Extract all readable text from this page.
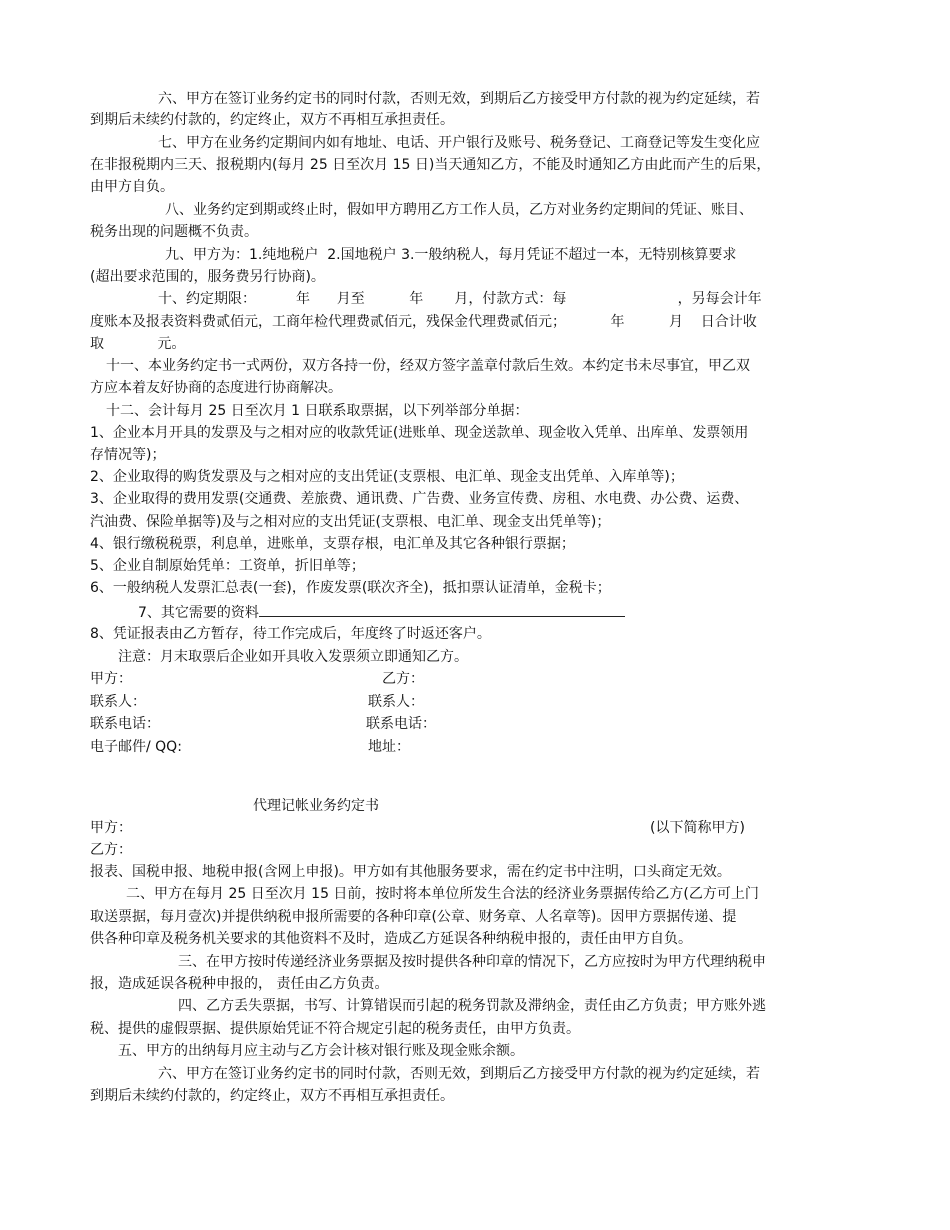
六、甲方在签订业务约定书的同时付款，否则无效，到期后乙方接受甲方付款的视为约定延续，若
到期后未续约付款的，约定终止，双方不再相互承担责任。
七、甲方在业务约定期间内如有地址、电话、开户银行及账号、税务登记、工商登记等发生变化应
在非报税期内三天、报税期内(每月 25 日至次月 15 日)当天通知乙方，不能及时通知乙方由此而产生的后果，
由甲方自负。
八、业务约定到期或终止时，假如甲方聘用乙方工作人员，乙方对业务约定期间的凭证、账目、
税务出现的问题概不负责。
九、甲方为：1.纯地税户  2.国地税户 3.一般纳税人，每月凭证不超过一本，无特别核算要求
(超出要求范围的，服务费另行协商)。
十、约定期限：         年      月至          年       月，付款方式：每                         ，另每会计年
度账本及报表资料费贰佰元，工商年检代理费贰佰元，残保金代理费贰佰元；          年          月    日合计收
取            元。
十一、本业务约定书一式两份，双方各持一份，经双方签字盖章付款后生效。本约定书未尽事宜，甲乙双
方应本着友好协商的态度进行协商解决。
十二、会计每月 25 日至次月 1 日联系取票据，以下列举部分单据：
1、企业本月开具的发票及与之相对应的收款凭证(进账单、现金送款单、现金收入凭单、出库单、发票领用
存情况等)；
2、企业取得的购货发票及与之相对应的支出凭证(支票根、电汇单、现金支出凭单、入库单等)；
3、企业取得的费用发票(交通费、差旅费、通讯费、广告费、业务宣传费、房租、水电费、办公费、运费、
汽油费、保险单据等)及与之相对应的支出凭证(支票根、电汇单、现金支出凭单等)；
4、银行缴税税票，利息单，进账单，支票存根，电汇单及其它各种银行票据；
5、企业自制原始凭单：工资单，折旧单等；
6、一般纳税人发票汇总表(一套)，作废发票(联次齐全)，抵扣票认证清单，金税卡；
7、其它需要的资料
8、凭证报表由乙方暂存，待工作完成后，年度终了时返还客户。
注意：月末取票后企业如开具收入发票须立即通知乙方。
甲方：	乙方：
联系人：	联系人：
联系电话：	联系电话：
电子邮件/ QQ:	地址：
代理记帐业务约定书
甲方：	(以下简称甲方)
乙方：
报表、国税申报、地税申报(含网上申报)。甲方如有其他服务要求，需在约定书中注明，口头商定无效。
二、甲方在每月 25 日至次月 15 日前，按时将本单位所发生合法的经济业务票据传给乙方(乙方可上门
取送票据，每月壹次)并提供纳税申报所需要的各种印章(公章、财务章、人名章等)。因甲方票据传递、提
供各种印章及税务机关要求的其他资料不及时，造成乙方延误各种纳税申报的，责任由甲方自负。
三、在甲方按时传递经济业务票据及按时提供各种印章的情况下，乙方应按时为甲方代理纳税申
报，造成延误各税种申报的， 责任由乙方负责。
四、乙方丢失票据，书写、计算错误而引起的税务罚款及滞纳金，责任由乙方负责；甲方账外逃
税、提供的虚假票据、提供原始凭证不符合规定引起的税务责任，由甲方负责。
五、甲方的出纳每月应主动与乙方会计核对银行账及现金账余额。
六、甲方在签订业务约定书的同时付款，否则无效，到期后乙方接受甲方付款的视为约定延续，若
到期后未续约付款的，约定终止，双方不再相互承担责任。
